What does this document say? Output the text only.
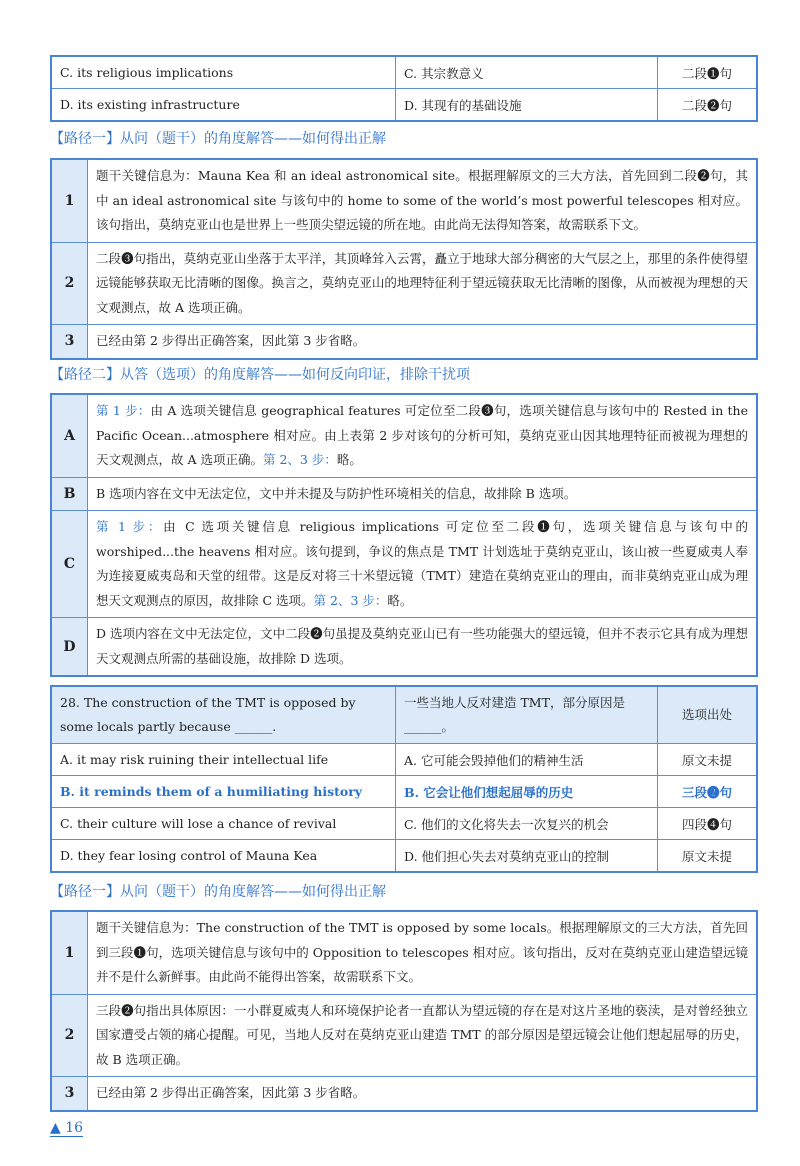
C. its religious implications	C. 其宗教意义	二段❶句
D. its existing infrastructure	D. 其现有的基础设施	二段❷句
【路径一】从问（题干）的角度解答——如何得出正解
1	题干关键信息为：Mauna Kea 和 an ideal astronomical site。根据理解原文的三大方法，首先回到二段❷句，其中 an ideal astronomical site 与该句中的 home to some of the world’s most powerful telescopes 相对应。该句指出，莫纳克亚山也是世界上一些顶尖望远镜的所在地。由此尚无法得知答案，故需联系下文。
2	二段❸句指出，莫纳克亚山坐落于太平洋，其顶峰耸入云霄，矗立于地球大部分稠密的大气层之上，那里的条件使得望远镜能够获取无比清晰的图像。换言之，莫纳克亚山的地理特征利于望远镜获取无比清晰的图像，从而被视为理想的天文观测点，故 A 选项正确。
3	已经由第 2 步得出正确答案，因此第 3 步省略。
【路径二】从答（选项）的角度解答——如何反向印证，排除干扰项
A	第 1 步：由 A 选项关键信息 geographical features 可定位至二段❸句，选项关键信息与该句中的 Rested in the Pacific Ocean...atmosphere 相对应。由上表第 2 步对该句的分析可知，莫纳克亚山因其地理特征而被视为理想的天文观测点，故 A 选项正确。第 2、3 步：略。
B	B 选项内容在文中无法定位，文中并未提及与防护性环境相关的信息，故排除 B 选项。
C	第 1 步：由 C 选项关键信息 religious implications 可定位至二段❶句，选项关键信息与该句中的 worshiped...the heavens 相对应。该句提到，争议的焦点是 TMT 计划选址于莫纳克亚山，该山被一些夏威夷人奉为连接夏威夷岛和天堂的纽带。这是反对将三十米望远镜（TMT）建造在莫纳克亚山的理由，而非莫纳克亚山成为理想天文观测点的原因，故排除 C 选项。第 2、3 步：略。
D	D 选项内容在文中无法定位，文中二段❷句虽提及莫纳克亚山已有一些功能强大的望远镜，但并不表示它具有成为理想天文观测点所需的基础设施，故排除 D 选项。
28. The construction of the TMT is opposed by some locals partly because ______.	一些当地人反对建造 TMT，部分原因是______。	选项出处
A. it may risk ruining their intellectual life	A. 它可能会毁掉他们的精神生活	原文未提
B. it reminds them of a humiliating history	B. 它会让他们想起屈辱的历史	三段❷句
C. their culture will lose a chance of revival	C. 他们的文化将失去一次复兴的机会	四段❹句
D. they fear losing control of Mauna Kea	D. 他们担心失去对莫纳克亚山的控制	原文未提
【路径一】从问（题干）的角度解答——如何得出正解
1	题干关键信息为：The construction of the TMT is opposed by some locals。根据理解原文的三大方法，首先回到三段❶句，选项关键信息与该句中的 Opposition to telescopes 相对应。该句指出，反对在莫纳克亚山建造望远镜并不是什么新鲜事。由此尚不能得出答案，故需联系下文。
2	三段❷句指出具体原因：一小群夏威夷人和环境保护论者一直都认为望远镜的存在是对这片圣地的亵渎，是对曾经独立国家遭受占领的痛心提醒。可见，当地人反对在莫纳克亚山建造 TMT 的部分原因是望远镜会让他们想起屈辱的历史，故 B 选项正确。
3	已经由第 2 步得出正确答案，因此第 3 步省略。
▲ 16
